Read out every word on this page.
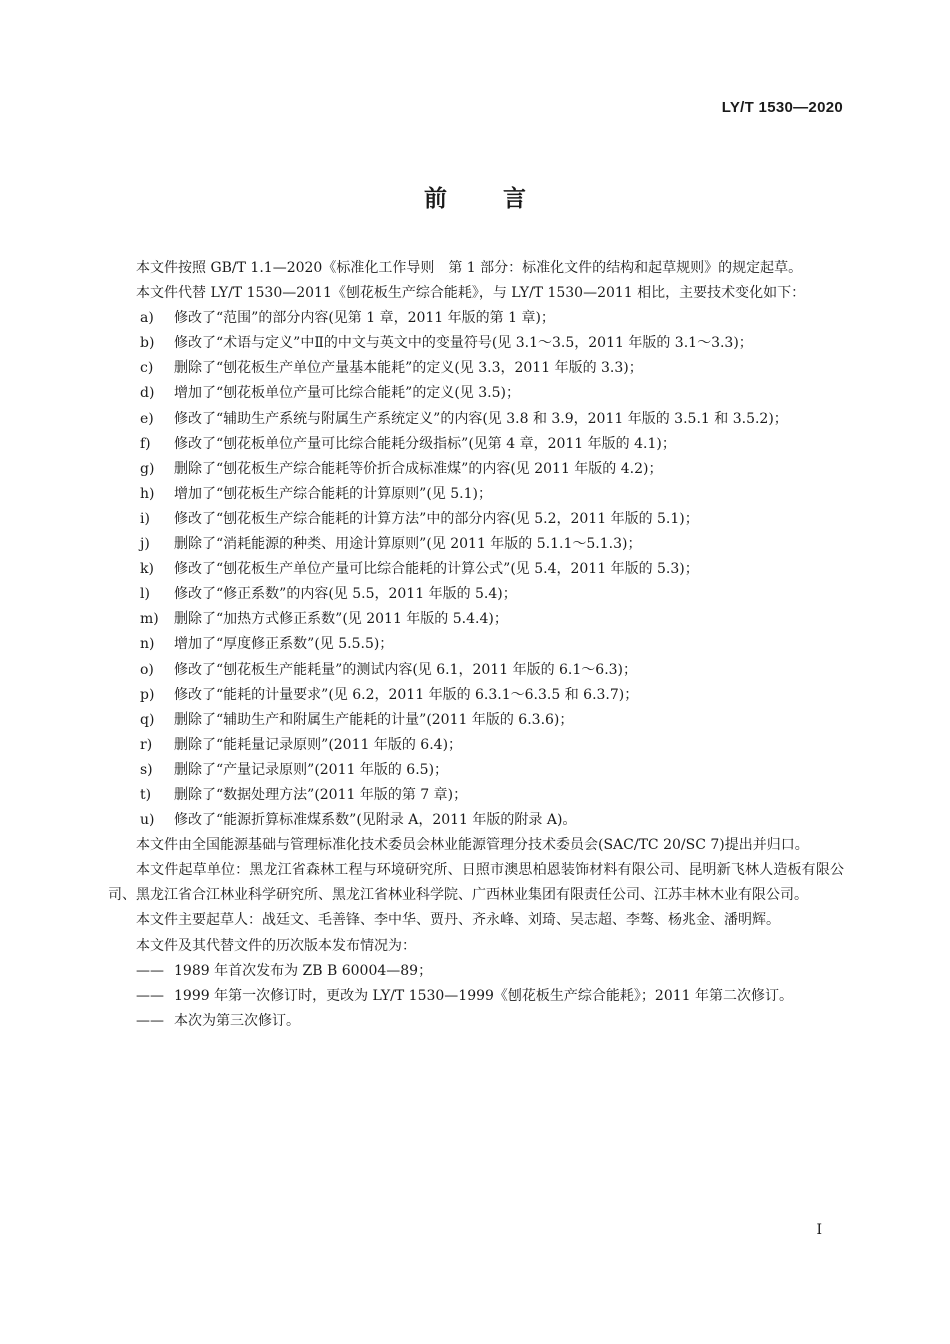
LY/T 1530—2020
前言

本文件按照 GB/T 1.1—2020《标准化工作导则　第 1 部分：标准化文件的结构和起草规则》的规定起草。

本文件代替 LY/T 1530—2011《刨花板生产综合能耗》，与 LY/T 1530—2011 相比，主要技术变化如下：

a) 修改了“范围”的部分内容(见第 1 章，2011 年版的第 1 章)；

b) 修改了“术语与定义”中Ⅱ的中文与英文中的变量符号(见 3.1～3.5，2011 年版的 3.1～3.3)；

c) 删除了“刨花板生产单位产量基本能耗”的定义(见 3.3，2011 年版的 3.3)；

d) 增加了“刨花板单位产量可比综合能耗”的定义(见 3.5)；

e) 修改了“辅助生产系统与附属生产系统定义”的内容(见 3.8 和 3.9，2011 年版的 3.5.1 和 3.5.2)；

f) 修改了“刨花板单位产量可比综合能耗分级指标”(见第 4 章，2011 年版的 4.1)；

g) 删除了“刨花板生产综合能耗等价折合成标准煤”的内容(见 2011 年版的 4.2)；

h) 增加了“刨花板生产综合能耗的计算原则”(见 5.1)；

i) 修改了“刨花板生产综合能耗的计算方法”中的部分内容(见 5.2，2011 年版的 5.1)；

j) 删除了“消耗能源的种类、用途计算原则”(见 2011 年版的 5.1.1～5.1.3)；

k) 修改了“刨花板生产单位产量可比综合能耗的计算公式”(见 5.4，2011 年版的 5.3)；

l) 修改了“修正系数”的内容(见 5.5，2011 年版的 5.4)；

m) 删除了“加热方式修正系数”(见 2011 年版的 5.4.4)；

n) 增加了“厚度修正系数”(见 5.5.5)；

o) 修改了“刨花板生产能耗量”的测试内容(见 6.1，2011 年版的 6.1～6.3)；

p) 修改了“能耗的计量要求”(见 6.2，2011 年版的 6.3.1～6.3.5 和 6.3.7)；

q) 删除了“辅助生产和附属生产能耗的计量”(2011 年版的 6.3.6)；

r) 删除了“能耗量记录原则”(2011 年版的 6.4)；

s) 删除了“产量记录原则”(2011 年版的 6.5)；

t) 删除了“数据处理方法”(2011 年版的第 7 章)；

u) 修改了“能源折算标准煤系数”(见附录 A，2011 年版的附录 A)。

本文件由全国能源基础与管理标准化技术委员会林业能源管理分技术委员会(SAC/TC 20/SC 7)提出并归口。

本文件起草单位：黑龙江省森林工程与环境研究所、日照市澳思柏恩装饰材料有限公司、昆明新飞林人造板有限公司、黑龙江省合江林业科学研究所、黑龙江省林业科学院、广西林业集团有限责任公司、江苏丰林木业有限公司。

本文件主要起草人：战廷文、毛善锋、李中华、贾丹、齐永峰、刘琦、吴志超、李骜、杨兆金、潘明辉。

本文件及其代替文件的历次版本发布情况为：

—— 1989 年首次发布为 ZB B 60004—89；

—— 1999 年第一次修订时，更改为 LY/T 1530—1999《刨花板生产综合能耗》；2011 年第二次修订。

—— 本次为第三次修订。

I
